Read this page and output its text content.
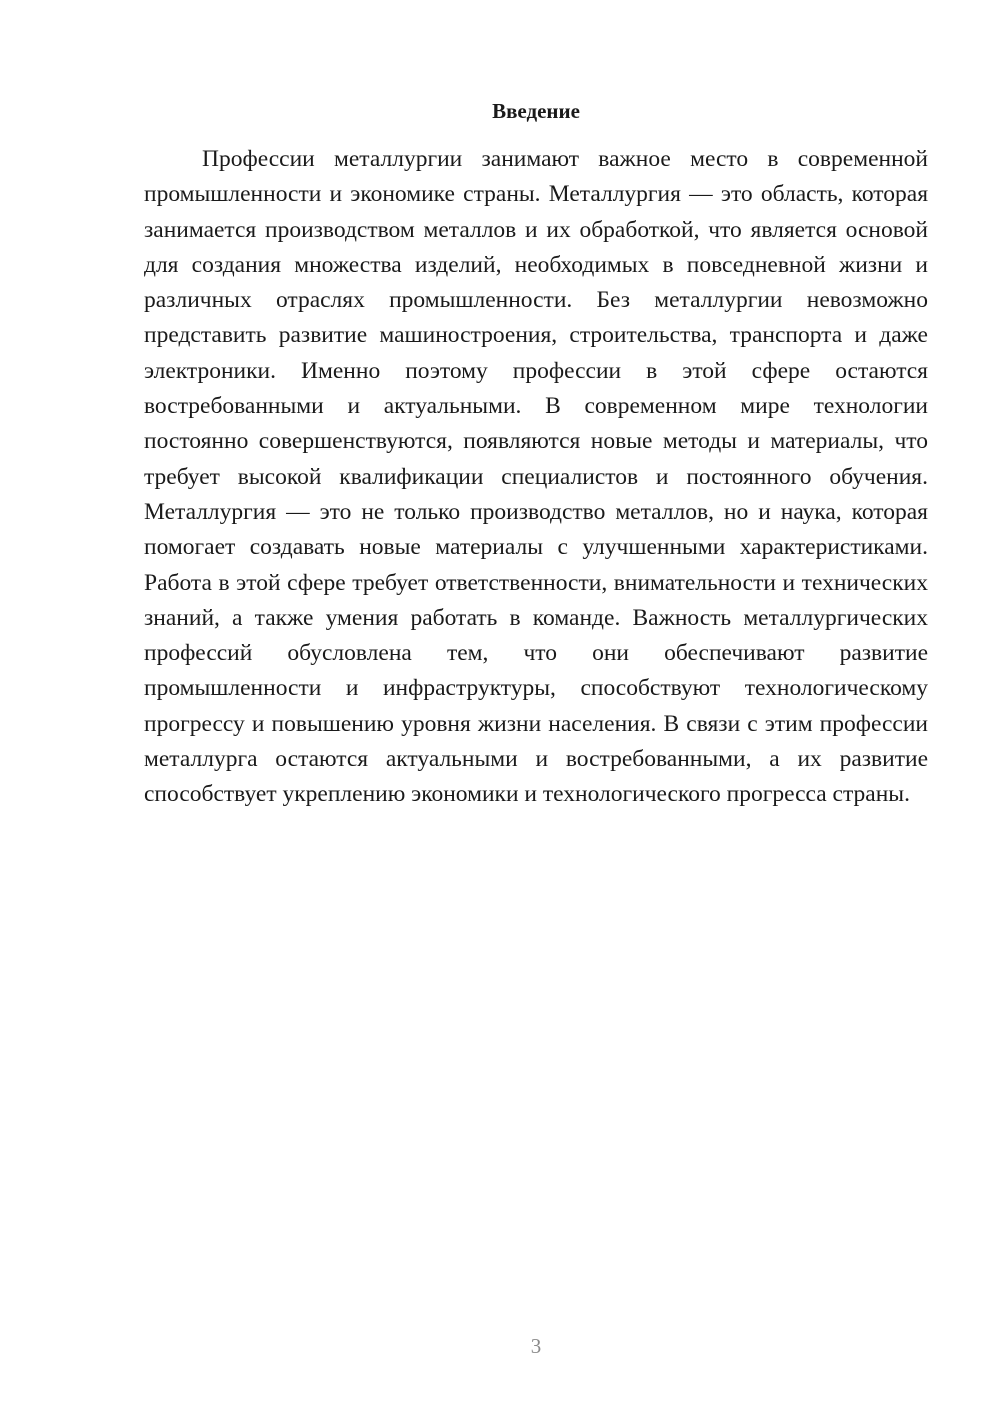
Введение

Профессии металлургии занимают важное место в современной промышленности и экономике страны. Металлургия — это область, которая занимается производством металлов и их обработкой, что является основой для создания множества изделий, необходимых в повседневной жизни и различных отраслях промышленности. Без металлургии невозможно представить развитие машиностроения, строительства, транспорта и даже электроники. Именно поэтому профессии в этой сфере остаются востребованными и актуальными. В современном мире технологии постоянно совершенствуются, появляются новые методы и материалы, что требует высокой квалификации специалистов и постоянного обучения. Металлургия — это не только производство металлов, но и наука, которая помогает создавать новые материалы с улучшенными характеристиками. Работа в этой сфере требует ответственности, внимательности и технических знаний, а также умения работать в команде. Важность металлургических профессий обусловлена тем, что они обеспечивают развитие промышленности и инфраструктуры, способствуют технологическому прогрессу и повышению уровня жизни населения. В связи с этим профессии металлурга остаются актуальными и востребованными, а их развитие способствует укреплению экономики и технологического прогресса страны.

3
